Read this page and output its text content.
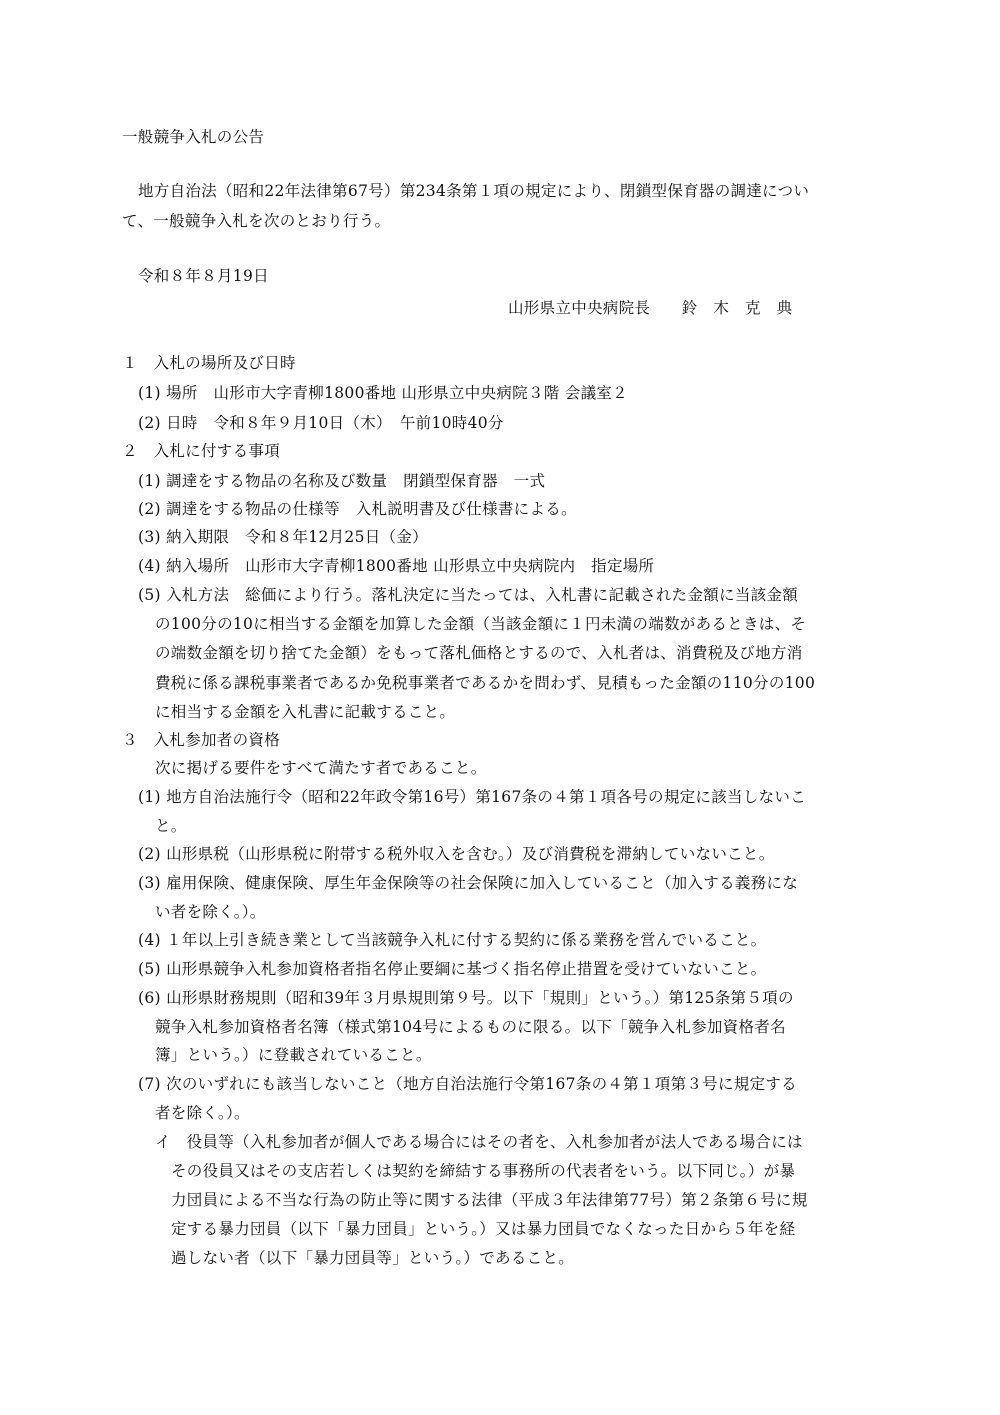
一般競争入札の公告
地方自治法（昭和22年法律第67号）第234条第１項の規定により、閉鎖型保育器の調達につい
て、一般競争入札を次のとおり行う。
令和８年８月19日
山形県立中央病院長　　鈴　木　克　典
１　入札の場所及び日時
(1) 場所　山形市大字青柳1800番地 山形県立中央病院３階 会議室２
(2) 日時　令和８年９月10日（木）　午前10時40分
２　入札に付する事項
(1) 調達をする物品の名称及び数量　閉鎖型保育器　一式
(2) 調達をする物品の仕様等　入札説明書及び仕様書による。
(3) 納入期限　令和８年12月25日（金）
(4) 納入場所　山形市大字青柳1800番地 山形県立中央病院内　指定場所
(5) 入札方法　総価により行う。落札決定に当たっては、入札書に記載された金額に当該金額
の100分の10に相当する金額を加算した金額（当該金額に１円未満の端数があるときは、そ
の端数金額を切り捨てた金額）をもって落札価格とするので、入札者は、消費税及び地方消
費税に係る課税事業者であるか免税事業者であるかを問わず、見積もった金額の110分の100
に相当する金額を入札書に記載すること。
３　入札参加者の資格
次に掲げる要件をすべて満たす者であること。
(1) 地方自治法施行令（昭和22年政令第16号）第167条の４第１項各号の規定に該当しないこ
と。
(2) 山形県税（山形県税に附帯する税外収入を含む。）及び消費税を滞納していないこと。
(3) 雇用保険、健康保険、厚生年金保険等の社会保険に加入していること（加入する義務にな
い者を除く。）。
(4) １年以上引き続き業として当該競争入札に付する契約に係る業務を営んでいること。
(5) 山形県競争入札参加資格者指名停止要綱に基づく指名停止措置を受けていないこと。
(6) 山形県財務規則（昭和39年３月県規則第９号。以下「規則」という。）第125条第５項の
競争入札参加資格者名簿（様式第104号によるものに限る。以下「競争入札参加資格者名
簿」という。）に登載されていること。
(7) 次のいずれにも該当しないこと（地方自治法施行令第167条の４第１項第３号に規定する
者を除く。）。
イ　役員等（入札参加者が個人である場合にはその者を、入札参加者が法人である場合には
その役員又はその支店若しくは契約を締結する事務所の代表者をいう。以下同じ。）が暴
力団員による不当な行為の防止等に関する法律（平成３年法律第77号）第２条第６号に規
定する暴力団員（以下「暴力団員」という。）又は暴力団員でなくなった日から５年を経
過しない者（以下「暴力団員等」という。）であること。
